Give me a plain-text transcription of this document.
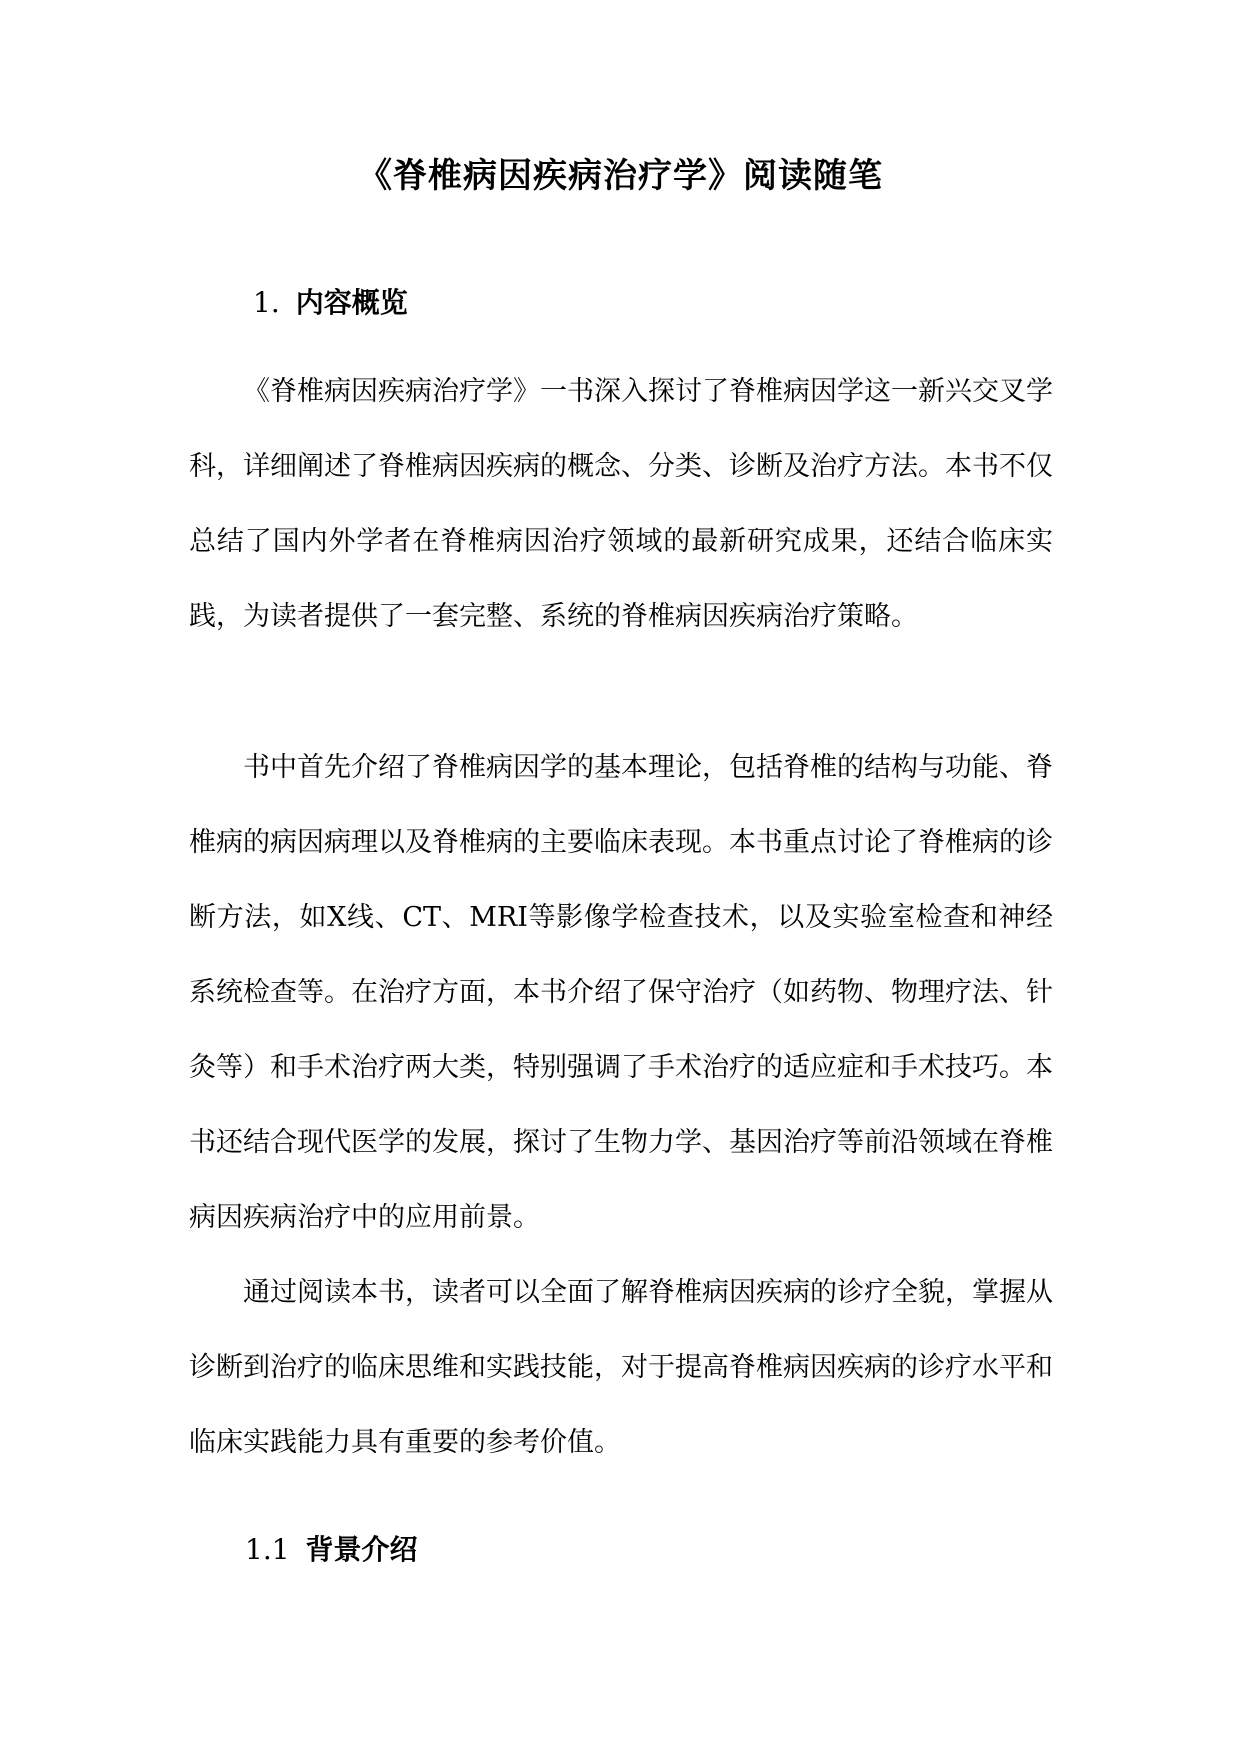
《脊椎病因疾病治疗学》阅读随笔
1. 内容概览

《脊椎病因疾病治疗学》一书深入探讨了脊椎病因学这一新兴交叉学科，详细阐述了脊椎病因疾病的概念、分类、诊断及治疗方法。本书不仅总结了国内外学者在脊椎病因治疗领域的最新研究成果，还结合临床实践，为读者提供了一套完整、系统的脊椎病因疾病治疗策略。

书中首先介绍了脊椎病因学的基本理论，包括脊椎的结构与功能、脊椎病的病因病理以及脊椎病的主要临床表现。本书重点讨论了脊椎病的诊断方法，如X线、CT、MRI等影像学检查技术，以及实验室检查和神经系统检查等。在治疗方面，本书介绍了保守治疗（如药物、物理疗法、针灸等）和手术治疗两大类，特别强调了手术治疗的适应症和手术技巧。本书还结合现代医学的发展，探讨了生物力学、基因治疗等前沿领域在脊椎病因疾病治疗中的应用前景。

通过阅读本书，读者可以全面了解脊椎病因疾病的诊疗全貌，掌握从诊断到治疗的临床思维和实践技能，对于提高脊椎病因疾病的诊疗水平和临床实践能力具有重要的参考价值。

1.1 背景介绍
